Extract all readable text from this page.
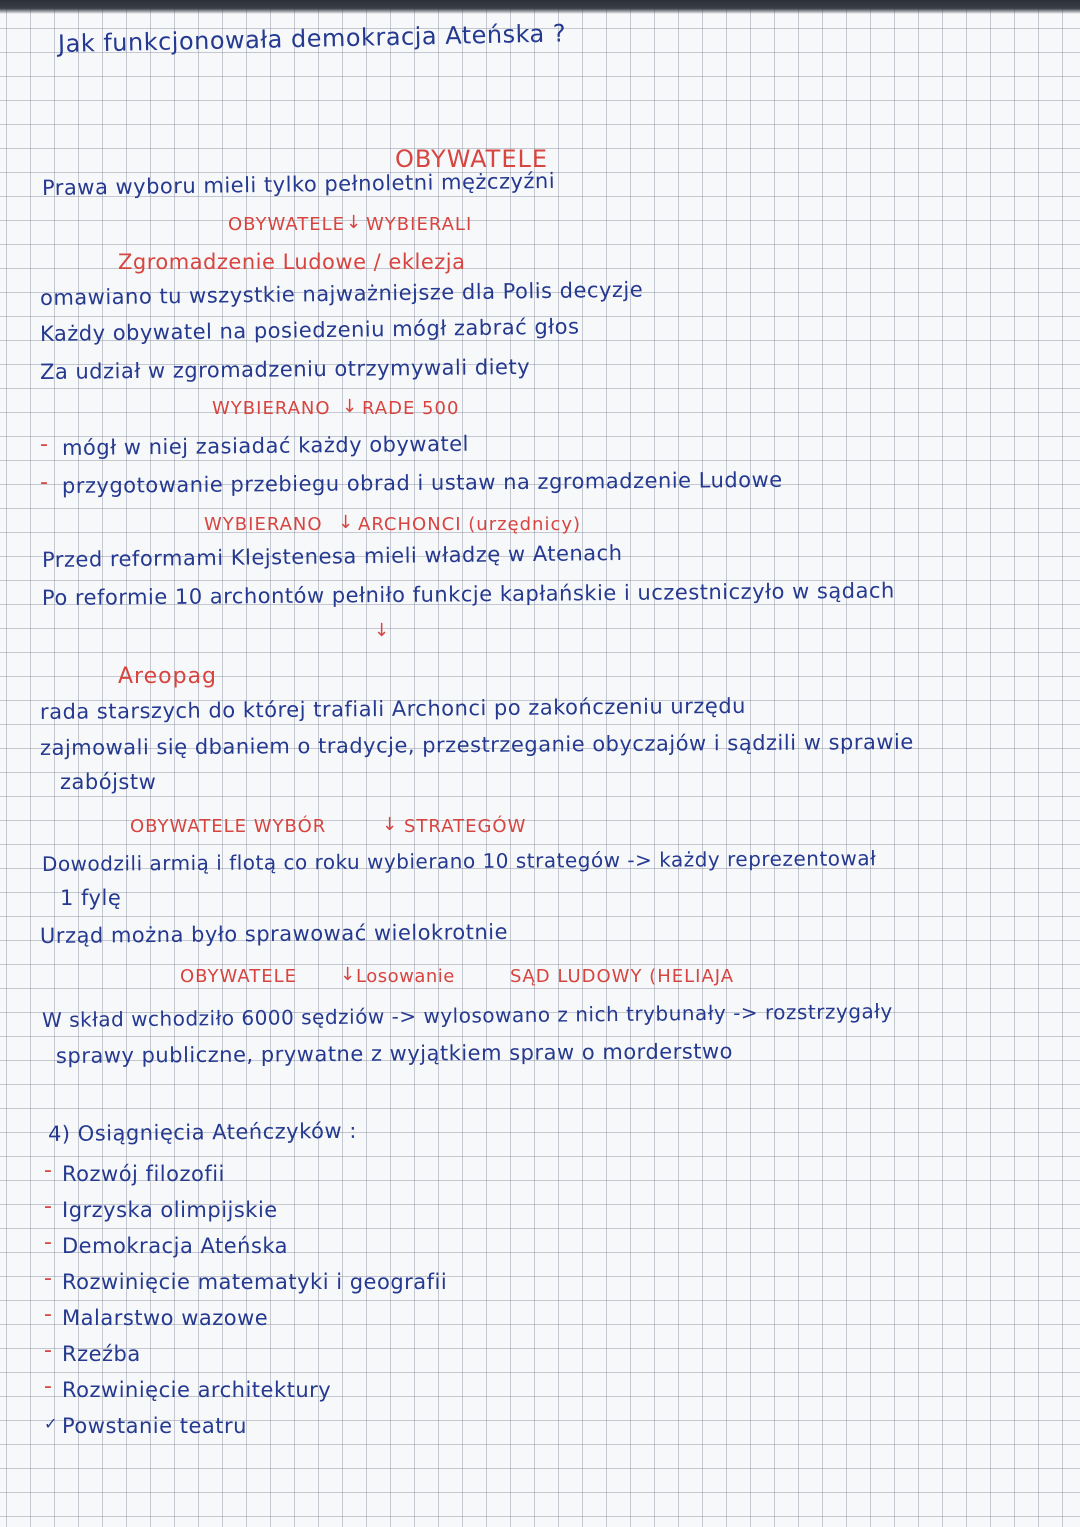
Jak funkcjonowała demokracja Ateńska ?
OBYWATELE
Prawa wyboru mieli tylko pełnoletni mężczyźni
OBYWATELE ↓ WYBIERALI
Zgromadzenie Ludowe / eklezja
omawiano tu wszystkie najważniejsze dla Polis decyzje
Każdy obywatel na posiedzeniu mógł zabrać głos
Za udział w zgromadzeniu otrzymywali diety
WYBIERANO ↓ RADE 500
- mógł w niej zasiadać każdy obywatel
- przygotowanie przebiegu obrad i ustaw na zgromadzenie Ludowe
WYBIERANO ↓ ARCHONCI (urzędnicy)
Przed reformami Klejstenesa mieli władzę w Atenach
Po reformie 10 archontów pełniło funkcje kapłańskie i uczestniczyło w sądach
↓
Areopag
rada starszych do której trafiali Archonci po zakończeniu urzędu
zajmowali się dbaniem o tradycje, przestrzeganie obyczajów i sądzili w sprawie
zabójstw
OBYWATELE WYBÓR	↓ STRATEGÓW
Dowodzili armią i flotą co roku wybierano 10 strategów -> każdy reprezentował
1 fylę
Urząd można było sprawować wielokrotnie
OBYWATELE ↓ Losowanie	SĄD LUDOWY (HELIAJA
W skład wchodziło 6000 sędziów -> wylosowano z nich trybunały -> rozstrzygały
sprawy publiczne, prywatne z wyjątkiem spraw o morderstwo
4) Osiągnięcia Ateńczyków :
- Rozwój filozofii
- Igrzyska olimpijskie
- Demokracja Ateńska
- Rozwinięcie matematyki i geografii
- Malarstwo wazowe
- Rzeźba
- Rozwinięcie architektury
✓ Powstanie teatru
